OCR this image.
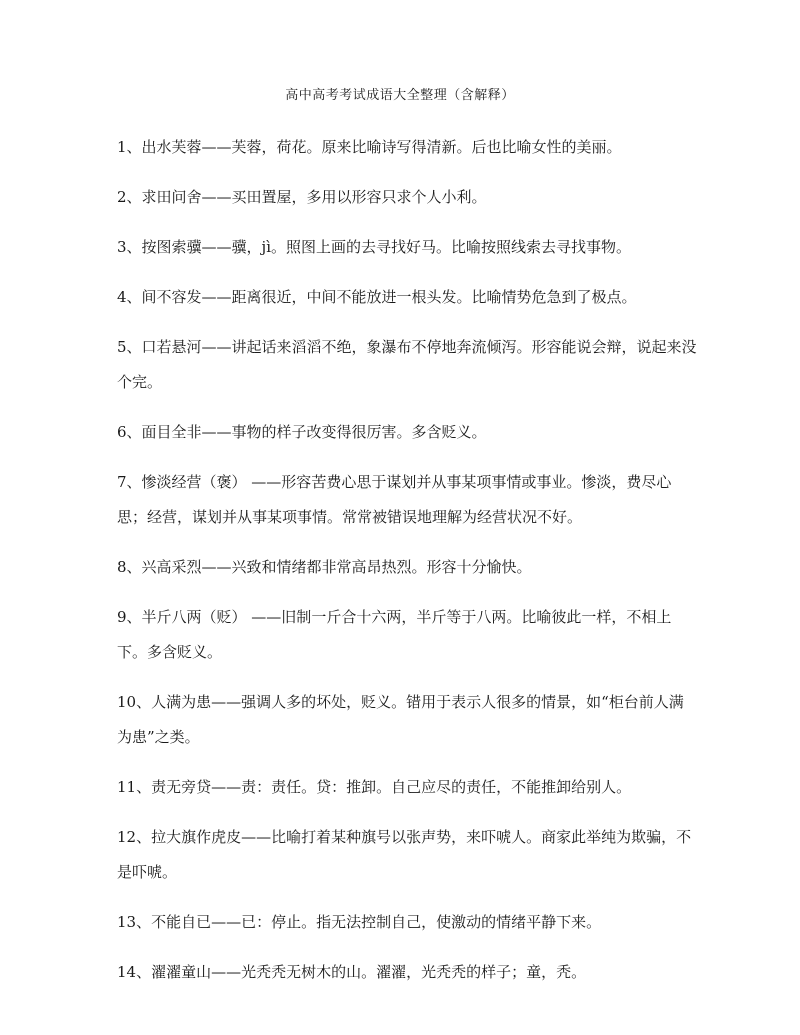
高中高考考试成语大全整理（含解释）
1、出水芙蓉——芙蓉，荷花。原来比喻诗写得清新。后也比喻女性的美丽。
2、求田问舍——买田置屋，多用以形容只求个人小利。
3、按图索骥——骥，jì。照图上画的去寻找好马。比喻按照线索去寻找事物。
4、间不容发——距离很近，中间不能放进一根头发。比喻情势危急到了极点。
5、口若悬河——讲起话来滔滔不绝，象瀑布不停地奔流倾泻。形容能说会辩，说起来没个完。
6、面目全非——事物的样子改变得很厉害。多含贬义。
7、惨淡经营（褒） ——形容苦费心思于谋划并从事某项事情或事业。惨淡，费尽心思；经营，谋划并从事某项事情。常常被错误地理解为经营状况不好。
8、兴高采烈——兴致和情绪都非常高昂热烈。形容十分愉快。
9、半斤八两（贬） ——旧制一斤合十六两，半斤等于八两。比喻彼此一样，不相上下。多含贬义。
10、人满为患——强调人多的坏处，贬义。错用于表示人很多的情景，如“柜台前人满为患”之类。
11、责无旁贷——责：责任。贷：推卸。自己应尽的责任，不能推卸给别人。
12、拉大旗作虎皮——比喻打着某种旗号以张声势，来吓唬人。商家此举纯为欺骗，不是吓唬。
13、不能自已——已：停止。指无法控制自己，使激动的情绪平静下来。
14、濯濯童山——光秃秃无树木的山。濯濯，光秃秃的样子；童，秃。
